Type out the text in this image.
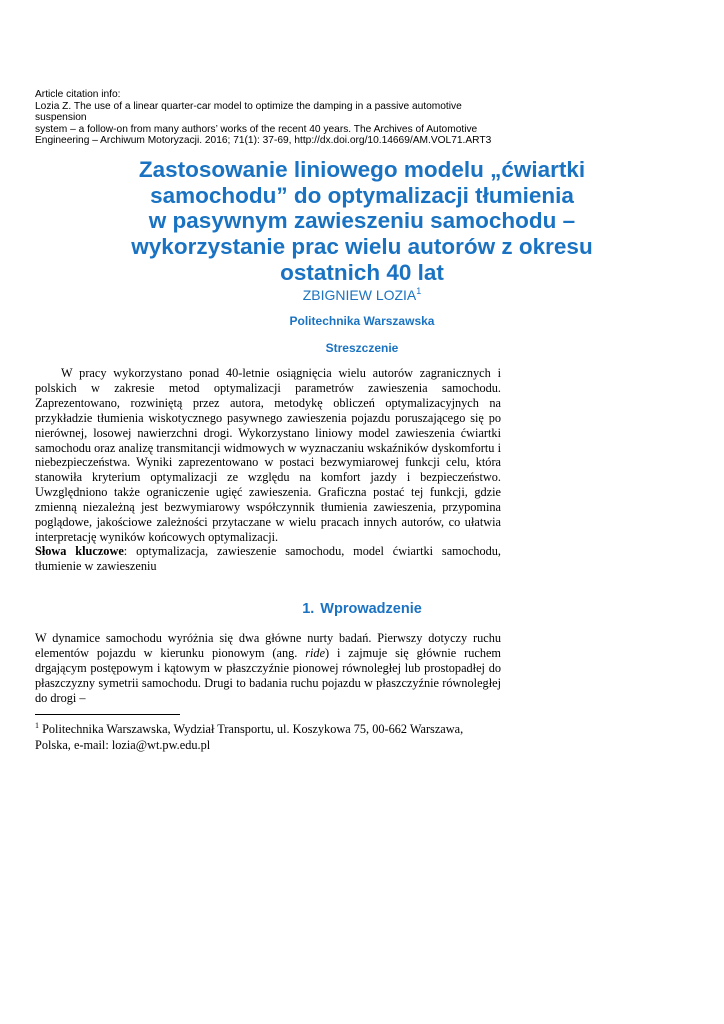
Article citation info:
Lozia Z. The use of a linear quarter-car model to optimize the damping in a passive automotive suspension
system – a follow-on from many authors’ works of the recent 40 years. The Archives of Automotive
Engineering – Archiwum Motoryzacji. 2016; 71(1): 37-69, http://dx.doi.org/10.14669/AM.VOL71.ART3
Zastosowanie liniowego modelu „ćwiartki
samochodu” do optymalizacji tłumienia
w pasywnym zawieszeniu samochodu –
wykorzystanie prac wielu autorów z okresu
ostatnich 40 lat
ZBIGNIEW LOZIA$^1$
Politechnika Warszawska
Streszczenie

W pracy wykorzystano ponad 40-letnie osiągnięcia wielu autorów zagranicznych i polskich w zakresie metod optymalizacji parametrów zawieszenia samochodu. Zaprezentowano, rozwiniętą przez autora, metodykę obliczeń optymalizacyjnych na przykładzie tłumienia wiskotycznego pasywnego zawieszenia pojazdu poruszającego się po nierównej, losowej nawierzchni drogi. Wykorzystano liniowy model zawieszenia ćwiartki samochodu oraz analizę transmitancji widmowych w wyznaczaniu wskaźników dyskomfortu i niebezpieczeństwa. Wyniki zaprezentowano w postaci bezwymiarowej funkcji celu, która stanowiła kryterium optymalizacji ze względu na komfort jazdy i bezpieczeństwo. Uwzględniono także ograniczenie ugięć zawieszenia. Graficzna postać tej funkcji, gdzie zmienną niezależną jest bezwymiarowy współczynnik tłumienia zawieszenia, przypomina poglądowe, jakościowe zależności przytaczane w wielu pracach innych autorów, co ułatwia interpretację wyników końcowych optymalizacji.

Słowa kluczowe: optymalizacja, zawieszenie samochodu, model ćwiartki samochodu, tłumienie w zawieszeniu

1. Wprowadzenie

W dynamice samochodu wyróżnia się dwa główne nurty badań. Pierwszy dotyczy ruchu elementów pojazdu w kierunku pionowym (ang. ride) i zajmuje się głównie ruchem drgającym postępowym i kątowym w płaszczyźnie pionowej równoległej lub prostopadłej do płaszczyzny symetrii samochodu. Drugi to badania ruchu pojazdu w płaszczyźnie równoległej do drogi –

$^1$ Politechnika Warszawska, Wydział Transportu, ul. Koszykowa 75, 00-662 Warszawa,
Polska, e-mail: lozia@wt.pw.edu.pl
